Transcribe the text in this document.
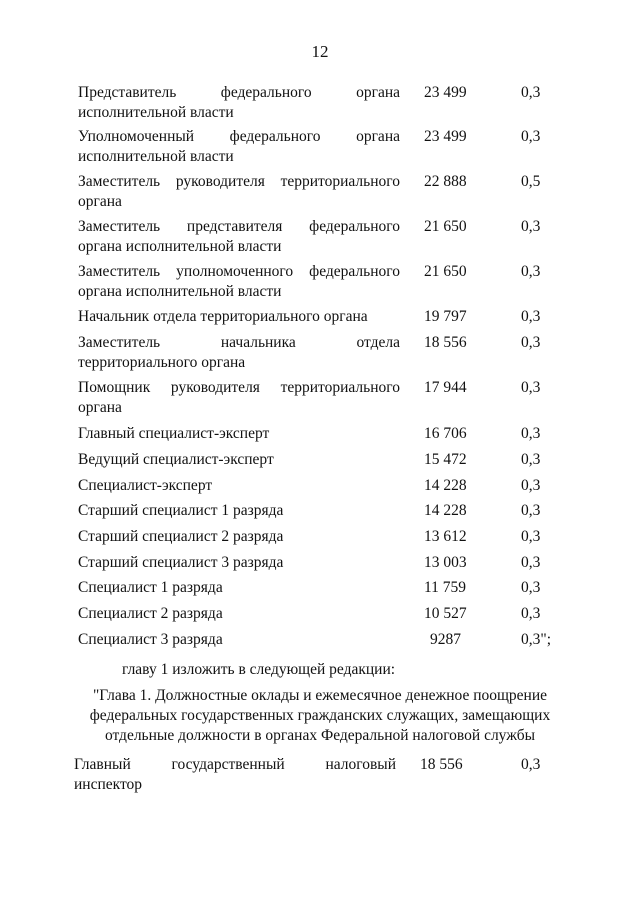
12
Представитель федерального органа
исполнительной власти
23 499	0,3
Уполномоченный федерального органа
исполнительной власти
23 499	0,3
Заместитель руководителя территориального
органа
22 888	0,5
Заместитель представителя федерального
органа исполнительной власти
21 650	0,3
Заместитель уполномоченного федерального
органа исполнительной власти
21 650	0,3
Начальник отдела территориального органа	19 797	0,3
Заместитель начальника отдела
территориального органа
18 556	0,3
Помощник руководителя территориального
органа
17 944	0,3
Главный специалист-эксперт	16 706	0,3
Ведущий специалист-эксперт	15 472	0,3
Специалист-эксперт	14 228	0,3
Старший специалист 1 разряда	14 228	0,3
Старший специалист 2 разряда	13 612	0,3
Старший специалист 3 разряда	13 003	0,3
Специалист 1 разряда	11 759	0,3
Специалист 2 разряда	10 527	0,3
Специалист 3 разряда	9287	0,3";
Главный государственный налоговый
инспектор
18 556	0,3
главу 1 изложить в следующей редакции:
"Глава 1. Должностные оклады и ежемесячное денежное поощрение
федеральных государственных гражданских служащих, замещающих
отдельные должности в органах Федеральной налоговой службы
